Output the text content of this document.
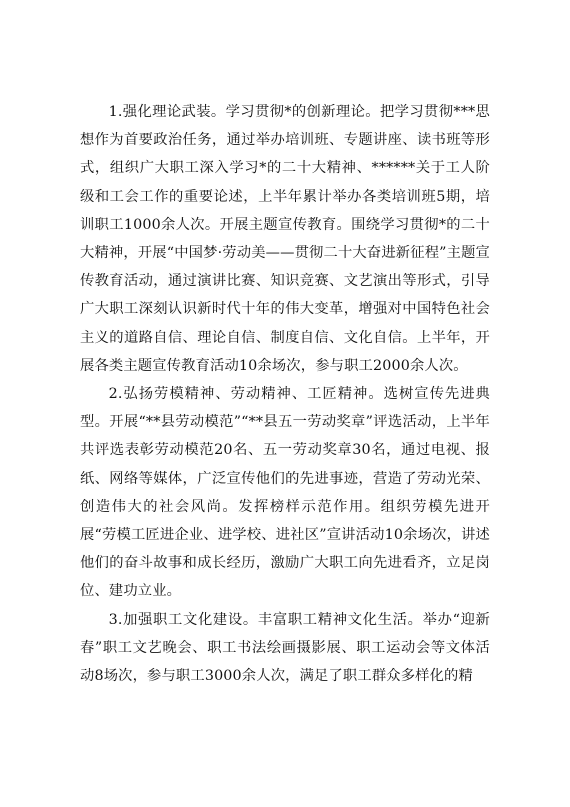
1.强化理论武装。学习贯彻*的创新理论。把学习贯彻***思想作为首要政治任务，通过举办培训班、专题讲座、读书班等形式，组织广大职工深入学习*的二十大精神、******关于工人阶级和工会工作的重要论述，上半年累计举办各类培训班5期，培训职工1000余人次。开展主题宣传教育。围绕学习贯彻*的二十大精神，开展“中国梦·劳动美——贯彻二十大奋进新征程”主题宣传教育活动，通过演讲比赛、知识竞赛、文艺演出等形式，引导广大职工深刻认识新时代十年的伟大变革，增强对中国特色社会主义的道路自信、理论自信、制度自信、文化自信。上半年，开展各类主题宣传教育活动10余场次，参与职工2000余人次。

2.弘扬劳模精神、劳动精神、工匠精神。选树宣传先进典型。开展“**县劳动模范”“**县五一劳动奖章”评选活动，上半年共评选表彰劳动模范20名、五一劳动奖章30名，通过电视、报纸、网络等媒体，广泛宣传他们的先进事迹，营造了劳动光荣、创造伟大的社会风尚。发挥榜样示范作用。组织劳模先进开展“劳模工匠进企业、进学校、进社区”宣讲活动10余场次，讲述他们的奋斗故事和成长经历，激励广大职工向先进看齐，立足岗位、建功立业。

3.加强职工文化建设。丰富职工精神文化生活。举办“迎新春”职工文艺晚会、职工书法绘画摄影展、职工运动会等文体活动8场次，参与职工3000余人次，满足了职工群众多样化的精
